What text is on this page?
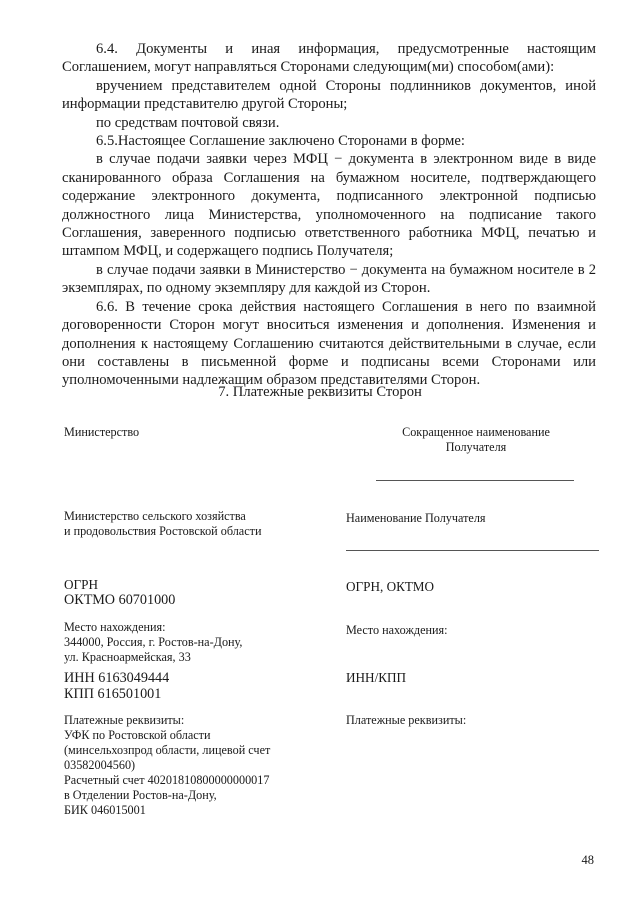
6.4. Документы и иная информация, предусмотренные настоящим Соглашением, могут направляться Сторонами следующим(ми) способом(ами):

вручением представителем одной Стороны подлинников документов, иной информации представителю другой Стороны;

по средствам почтовой связи.

6.5.Настоящее Соглашение заключено Сторонами в форме:

в случае подачи заявки через МФЦ − документа в электронном виде в виде сканированного образа Соглашения на бумажном носителе, подтверждающего содержание электронного документа, подписанного электронной подписью должностного лица Министерства, уполномоченного на подписание такого Соглашения, заверенного подписью ответственного работника МФЦ, печатью и штампом МФЦ, и содержащего подпись Получателя;

в случае подачи заявки в Министерство − документа на бумажном носителе в 2 экземплярах, по одному экземпляру для каждой из Сторон.

6.6. В течение срока действия настоящего Соглашения в него по взаимной договоренности Сторон могут вноситься изменения и дополнения. Изменения и дополнения к настоящему Соглашению считаются действительными в случае, если они составлены в письменной форме и подписаны всеми Сторонами или уполномоченными надлежащим образом представителями Сторон.

7. Платежные реквизиты Сторон
Министерство
Министерство сельского хозяйства
и продовольствия Ростовской области
ОГРН
ОКТМО 60701000
Место нахождения:
344000, Россия, г. Ростов-на-Дону,
ул. Красноармейская, 33
ИНН 6163049444
КПП 616501001
Платежные реквизиты:
УФК по Ростовской области
(минсельхозпрод области, лицевой счет
03582004560)
Расчетный счет 40201810800000000017
в Отделении Ростов-на-Дону,
БИК 046015001
Сокращенное наименование
Получателя
Наименование Получателя
ОГРН, ОКТМО
Место нахождения:
ИНН/КПП
Платежные реквизиты:
48
